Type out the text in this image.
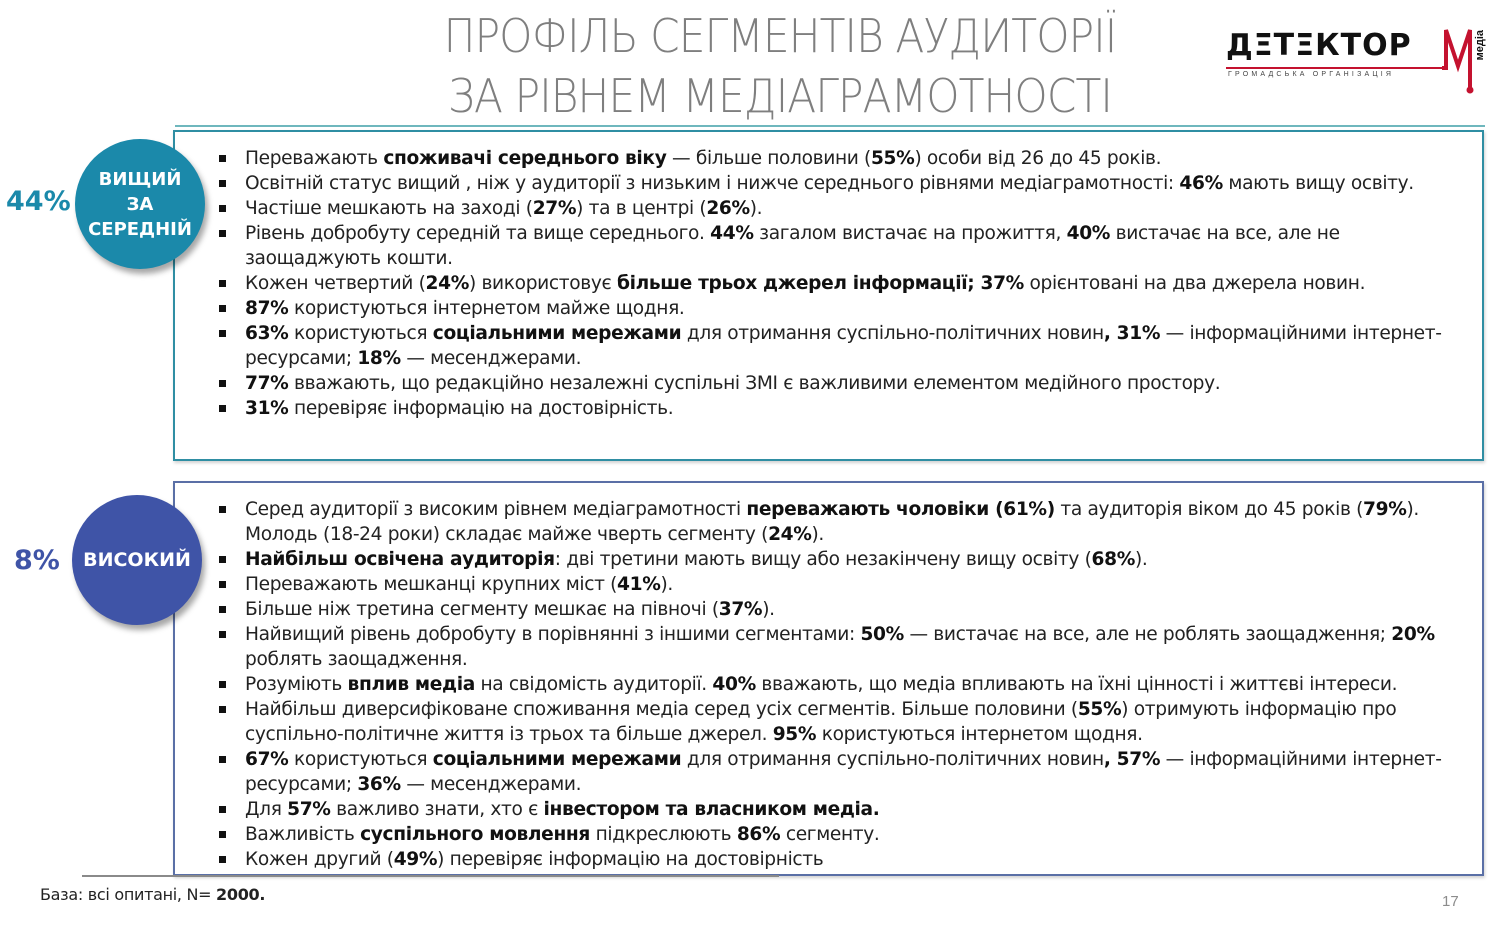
ПРОФІЛЬ СЕГМЕНТІВ АУДИТОРІЇ
ЗА РІВНЕМ МЕДІАГРАМОТНОСТІ
ДΞТΞКТОР
ГРОМАДСЬКА ОРГАНІЗАЦІЯ
медіа
Переважають споживачі середнього віку — більше половини (55%) особи від 26 до 45 років.
Освітній статус вищий , ніж у аудиторії з низьким і нижче середнього рівнями медіаграмотності: 46% мають вищу освіту.
Частіше мешкають на заході (27%) та в центрі (26%).
Рівень добробуту середній та вище середнього. 44% загалом вистачає на прожиття, 40% вистачає на все, але не заощаджують кошти.
Кожен четвертий (24%) використовує більше трьох джерел інформації; 37% орієнтовані на два джерела новин.
87% користуються інтернетом майже щодня.
63% користуються соціальними мережами для отримання суспільно-політичних новин, 31% — інформаційними інтернет-ресурсами; 18% — месенджерами.
77% вважають, що редакційно незалежні суспільні ЗМІ є важливими елементом медійного простору.
31% перевіряє інформацію на достовірність.
44%
ВИЩИЙ
ЗА СЕРЕДНІЙ
Серед аудиторії з високим рівнем медіаграмотності переважають чоловіки (61%) та аудиторія віком до 45 років (79%). Молодь (18-24 роки) складає майже чверть сегменту (24%).
Найбільш освічена аудиторія: дві третини мають вищу або незакінчену вищу освіту (68%).
Переважають мешканці крупних міст (41%).
Більше ніж третина сегменту мешкає на півночі (37%).
Найвищий рівень добробуту в порівнянні з іншими сегментами: 50% — вистачає на все, але не роблять заощадження; 20% роблять заощадження.
Розуміють вплив медіа на свідомість аудиторії. 40% вважають, що медіа впливають на їхні цінності і життєві інтереси.
Найбільш диверсифіковане споживання медіа серед усіх сегментів. Більше половини (55%) отримують інформацію про суспільно-політичне життя із трьох та більше джерел. 95% користуються інтернетом щодня.
67% користуються соціальними мережами для отримання суспільно-політичних новин, 57% — інформаційними інтернет-ресурсами; 36% — месенджерами.
Для 57% важливо знати, хто є інвестором та власником медіа.
Важливість суспільного мовлення підкреслюють 86% сегменту.
Кожен другий (49%) перевіряє інформацію на достовірність
8% ВИСОКИЙ
База: всі опитані, N= 2000.	17
